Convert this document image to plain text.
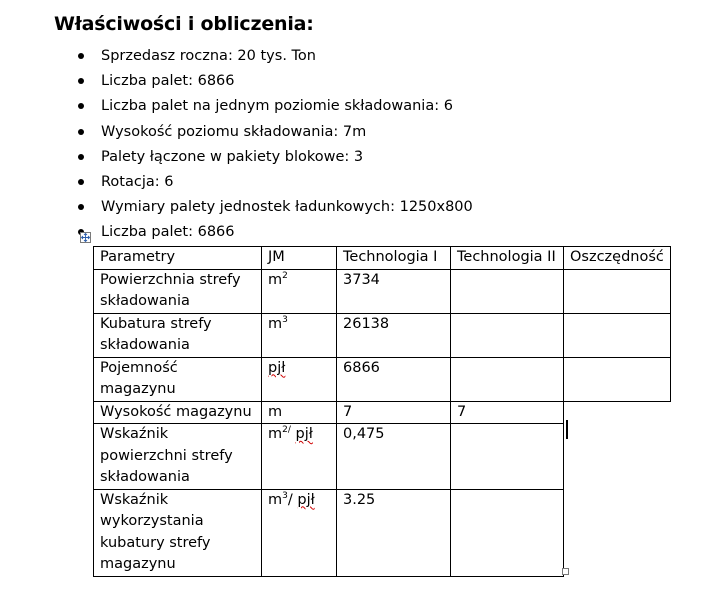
Właściwości i obliczenia:
Sprzedasz roczna: 20 tys. Ton
Liczba palet: 6866
Liczba palet na jednym poziomie składowania: 6
Wysokość poziomu składowania: 7m
Palety łączone w pakiety blokowe: 3
Rotacja: 6
Wymiary palety jednostek ładunkowych: 1250x800
Liczba palet: 6866
Parametry	JM	Technologia I	Technologia II	Oszczędność
Powierzchnia strefy składowania	$m^2$	3734		
Kubatura strefy składowania	$m^3$	26138		
Pojemność magazynu	pjł	6866		
Wysokość magazynu	m	7	7	
Wskaźnik powierzchni strefy składowania	$m^{2/}$ pjł	0,475		
Wskaźnik wykorzystania kubatury strefy magazynu	$m^3/$ pjł	3.25		
